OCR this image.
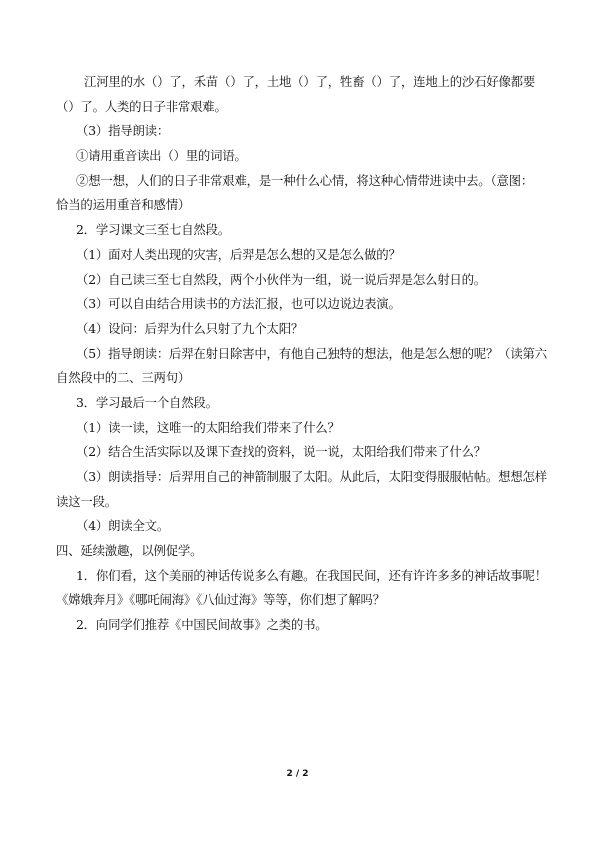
江河里的水（）了，禾苗（）了，土地（）了，牲畜（）了，连地上的沙石好像都要
（）了。人类的日子非常艰难。
（3）指导朗读：
①请用重音读出（）里的词语。
②想一想，人们的日子非常艰难，是一种什么心情，将这种心情带进读中去。（意图：
恰当的运用重音和感情）
2．学习课文三至七自然段。
（1）面对人类出现的灾害，后羿是怎么想的又是怎么做的？
（2）自己读三至七自然段，两个小伙伴为一组，说一说后羿是怎么射日的。
（3）可以自由结合用读书的方法汇报，也可以边说边表演。
（4）设问：后羿为什么只射了九个太阳？
（5）指导朗读：后羿在射日除害中，有他自己独特的想法，他是怎么想的呢？（读第六
自然段中的二、三两句）
3．学习最后一个自然段。
（1）读一读，这唯一的太阳给我们带来了什么？
（2）结合生活实际以及课下查找的资料，说一说，太阳给我们带来了什么？
（3）朗读指导：后羿用自己的神箭制服了太阳。从此后，太阳变得服服帖帖。想想怎样
读这一段。
（4）朗读全文。
四、延续激趣，以例促学。
1．你们看，这个美丽的神话传说多么有趣。在我国民间，还有许许多多的神话故事呢！
《嫦娥奔月》《哪吒闹海》《八仙过海》等等，你们想了解吗？
2．向同学们推荐《中国民间故事》之类的书。
2 / 2
